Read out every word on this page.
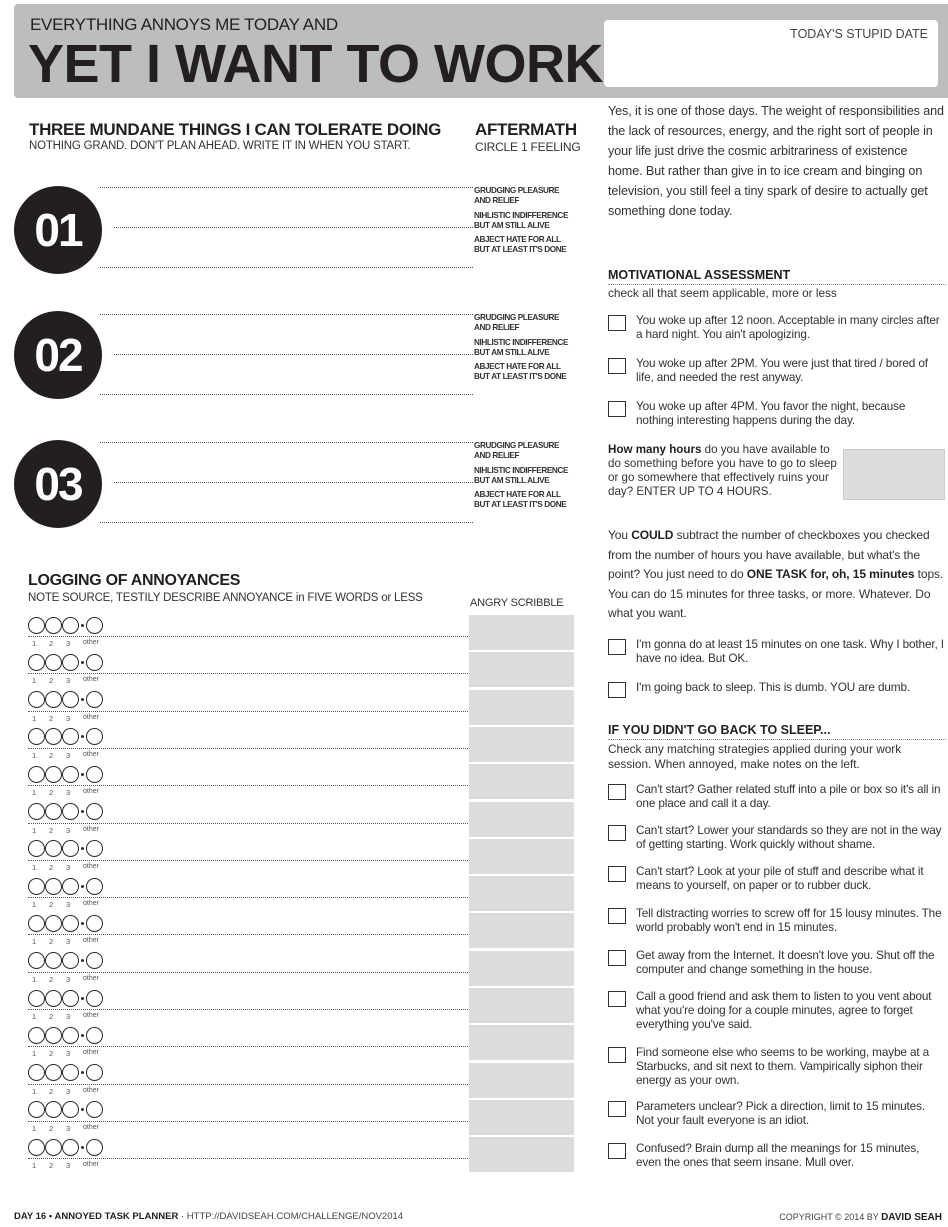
EVERYTHING ANNOYS ME TODAY AND
YET I WANT TO WORK	TODAY'S STUPID DATE
THREE MUNDANE THINGS I CAN TOLERATE DOING
NOTHING GRAND. DON'T PLAN AHEAD. WRITE IT IN WHEN YOU START.
AFTERMATH
CIRCLE 1 FEELING
01
GRUDGING PLEASURE AND RELIEF
NIHLISTIC INDIFFERENCE BUT AM STILL ALIVE
ABJECT HATE FOR ALL BUT AT LEAST IT'S DONE
02
GRUDGING PLEASURE AND RELIEF
NIHLISTIC INDIFFERENCE BUT AM STILL ALIVE
ABJECT HATE FOR ALL BUT AT LEAST IT'S DONE
03
GRUDGING PLEASURE AND RELIEF
NIHLISTIC INDIFFERENCE BUT AM STILL ALIVE
ABJECT HATE FOR ALL BUT AT LEAST IT'S DONE
LOGGING OF ANNOYANCES
NOTE SOURCE, TESTILY DESCRIBE ANNOYANCE in FIVE WORDS or LESS	ANGRY SCRIBBLE
1	2	3	other
1	2	3	other
1	2	3	other
1	2	3	other
1	2	3	other
1	2	3	other
1	2	3	other
1	2	3	other
1	2	3	other
1	2	3	other
1	2	3	other
1	2	3	other
1	2	3	other
1	2	3	other
1	2	3	other
Yes, it is one of those days. The weight of responsibilities and the lack of resources, energy, and the right sort of people in your life just drive the cosmic arbitrariness of existence home. But rather than give in to ice cream and binging on television, you still feel a tiny spark of desire to actually get something done today.
MOTIVATIONAL ASSESSMENT
check all that seem applicable, more or less
You woke up after 12 noon. Acceptable in many circles after a hard night. You ain't apologizing.
You woke up after 2PM. You were just that tired / bored of life, and needed the rest anyway.
You woke up after 4PM. You favor the night, because nothing interesting happens during the day.
How many hours do you have available to do something before you have to go to sleep or go somewhere that effectively ruins your day? ENTER UP TO 4 HOURS.
You COULD subtract the number of checkboxes you checked from the number of hours you have available, but what's the point? You just need to do ONE TASK for, oh, 15 minutes tops. You can do 15 minutes for three tasks, or more. Whatever. Do what you want.
I'm gonna do at least 15 minutes on one task. Why I bother, I have no idea. But OK.
I'm going back to sleep. This is dumb. YOU are dumb.
IF YOU DIDN'T GO BACK TO SLEEP...
Check any matching strategies applied during your work session. When annoyed, make notes on the left.
Can't start? Gather related stuff into a pile or box so it's all in one place and call it a day.
Can't start? Lower your standards so they are not in the way of getting starting. Work quickly without shame.
Can't start? Look at your pile of stuff and describe what it means to yourself, on paper or to rubber duck.
Tell distracting worries to screw off for 15 lousy minutes. The world probably won't end in 15 minutes.
Get away from the Internet. It doesn't love you. Shut off the computer and change something in the house.
Call a good friend and ask them to listen to you vent about what you're doing for a couple minutes, agree to forget everything you've said.
Find someone else who seems to be working, maybe at a Starbucks, and sit next to them. Vampirically siphon their energy as your own.
Parameters unclear? Pick a direction, limit to 15 minutes. Not your fault everyone is an idiot.
Confused? Brain dump all the meanings for 15 minutes, even the ones that seem insane. Mull over.
DAY 16 • ANNOYED TASK PLANNER · HTTP://DAVIDSEAH.COM/CHALLENGE/NOV2014	COPYRIGHT © 2014 BY DAVID SEAH
